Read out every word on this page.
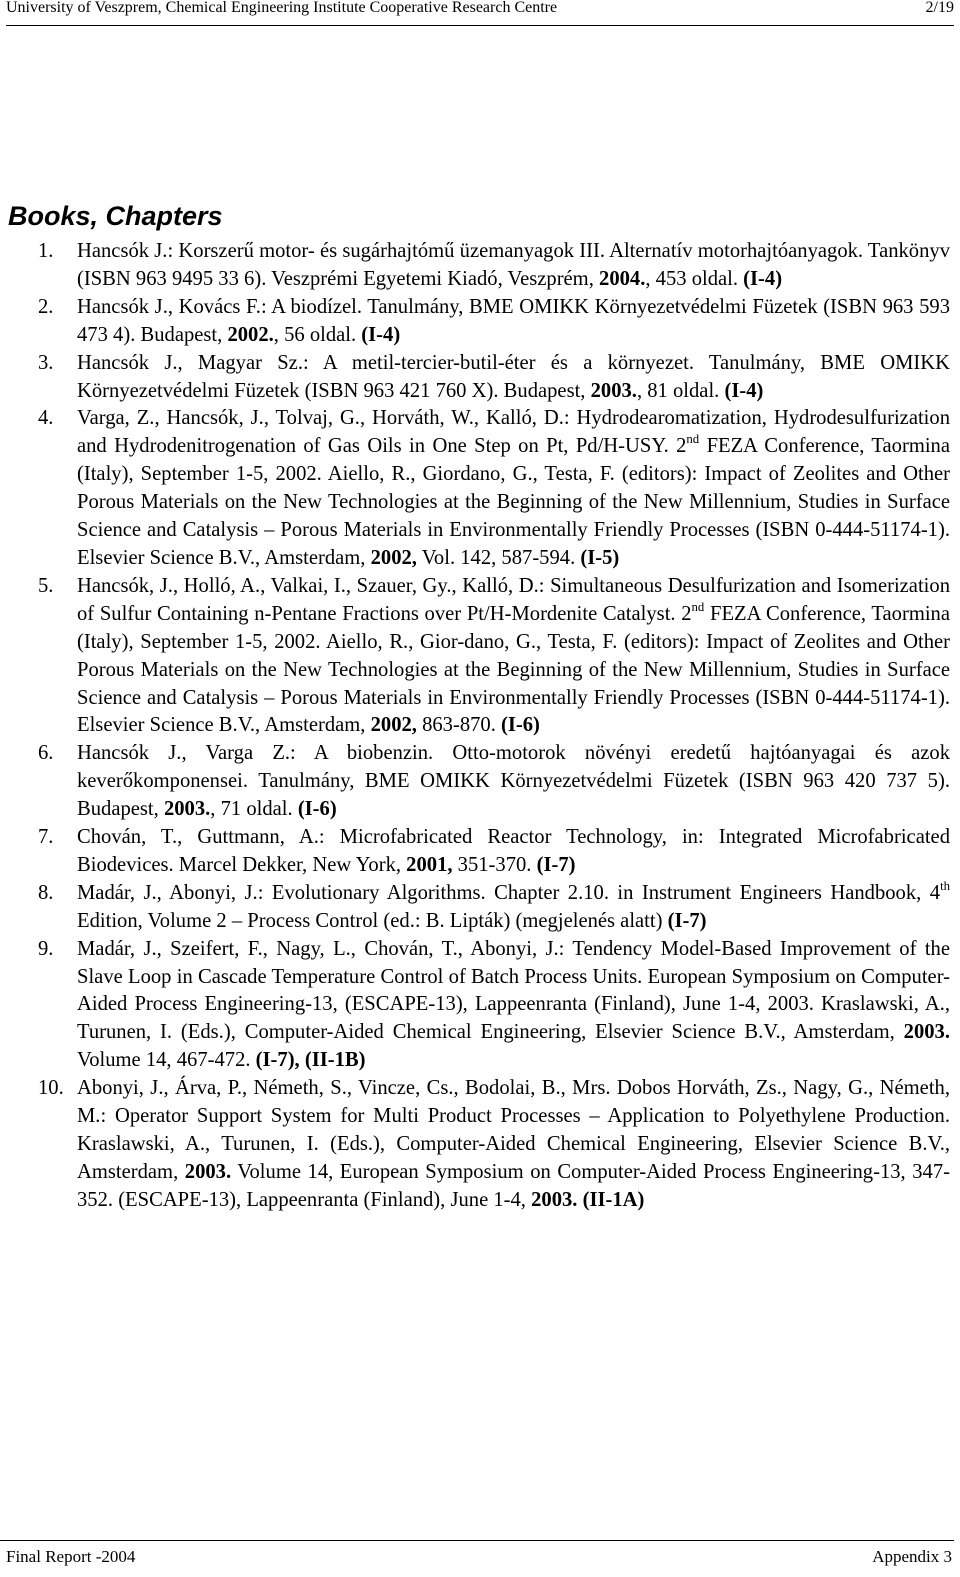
University of Veszprem, Chemical Engineering Institute Cooperative Research Centre	2/19
Books, Chapters
1. Hancsók J.: Korszerű motor- és sugárhajtómű üzemanyagok III. Alternatív motorhajtóanyagok. Tankönyv (ISBN 963 9495 33 6). Veszprémi Egyetemi Kiadó, Veszprém, 2004., 453 oldal. (I-4)
2. Hancsók J., Kovács F.: A biodízel. Tanulmány, BME OMIKK Környezetvédelmi Füzetek (ISBN 963 593 473 4). Budapest, 2002., 56 oldal. (I-4)
3. Hancsók J., Magyar Sz.: A metil-tercier-butil-éter és a környezet. Tanulmány, BME OMIKK Környezetvédelmi Füzetek (ISBN 963 421 760 X). Budapest, 2003., 81 oldal. (I-4)
4. Varga, Z., Hancsók, J., Tolvaj, G., Horváth, W., Kalló, D.: Hydrodearomatization, Hydrodesulfurization and Hydrodenitrogenation of Gas Oils in One Step on Pt, Pd/H-USY. 2nd FEZA Conference, Taormina (Italy), September 1-5, 2002. Aiello, R., Giordano, G., Testa, F. (editors): Impact of Zeolites and Other Porous Materials on the New Technologies at the Beginning of the New Millennium, Studies in Surface Science and Catalysis – Porous Materials in Environmentally Friendly Processes (ISBN 0-444-51174-1). Elsevier Science B.V., Amsterdam, 2002, Vol. 142, 587-594. (I-5)
5. Hancsók, J., Holló, A., Valkai, I., Szauer, Gy., Kalló, D.: Simultaneous Desulfurization and Isomerization of Sulfur Containing n-Pentane Fractions over Pt/H-Mordenite Catalyst. 2nd FEZA Conference, Taormina (Italy), September 1-5, 2002. Aiello, R., Gior-dano, G., Testa, F. (editors): Impact of Zeolites and Other Porous Materials on the New Technologies at the Beginning of the New Millennium, Studies in Surface Science and Catalysis – Porous Materials in Environmentally Friendly Processes (ISBN 0-444-51174-1). Elsevier Science B.V., Amsterdam, 2002, 863-870. (I-6)
6. Hancsók J., Varga Z.: A biobenzin. Otto-motorok növényi eredetű hajtóanyagai és azok keverőkomponensei. Tanulmány, BME OMIKK Környezetvédelmi Füzetek (ISBN 963 420 737 5). Budapest, 2003., 71 oldal. (I-6)
7. Chován, T., Guttmann, A.: Microfabricated Reactor Technology, in: Integrated Microfabricated Biodevices. Marcel Dekker, New York, 2001, 351-370. (I-7)
8. Madár, J., Abonyi, J.: Evolutionary Algorithms. Chapter 2.10. in Instrument Engineers Handbook, 4th Edition, Volume 2 – Process Control (ed.: B. Lipták) (megjelenés alatt) (I-7)
9. Madár, J., Szeifert, F., Nagy, L., Chován, T., Abonyi, J.: Tendency Model-Based Improvement of the Slave Loop in Cascade Temperature Control of Batch Process Units. European Symposium on Computer-Aided Process Engineering-13, (ESCAPE-13), Lappeenranta (Finland), June 1-4, 2003. Kraslawski, A., Turunen, I. (Eds.), Computer-Aided Chemical Engineering, Elsevier Science B.V., Amsterdam, 2003. Volume 14, 467-472. (I-7), (II-1B)
10. Abonyi, J., Árva, P., Németh, S., Vincze, Cs., Bodolai, B., Mrs. Dobos Horváth, Zs., Nagy, G., Németh, M.: Operator Support System for Multi Product Processes – Application to Polyethylene Production. Kraslawski, A., Turunen, I. (Eds.), Computer-Aided Chemical Engineering, Elsevier Science B.V., Amsterdam, 2003. Volume 14, European Symposium on Computer-Aided Process Engineering-13, 347-352. (ESCAPE-13), Lappeenranta (Finland), June 1-4, 2003. (II-1A)
Final Report -2004	Appendix 3
